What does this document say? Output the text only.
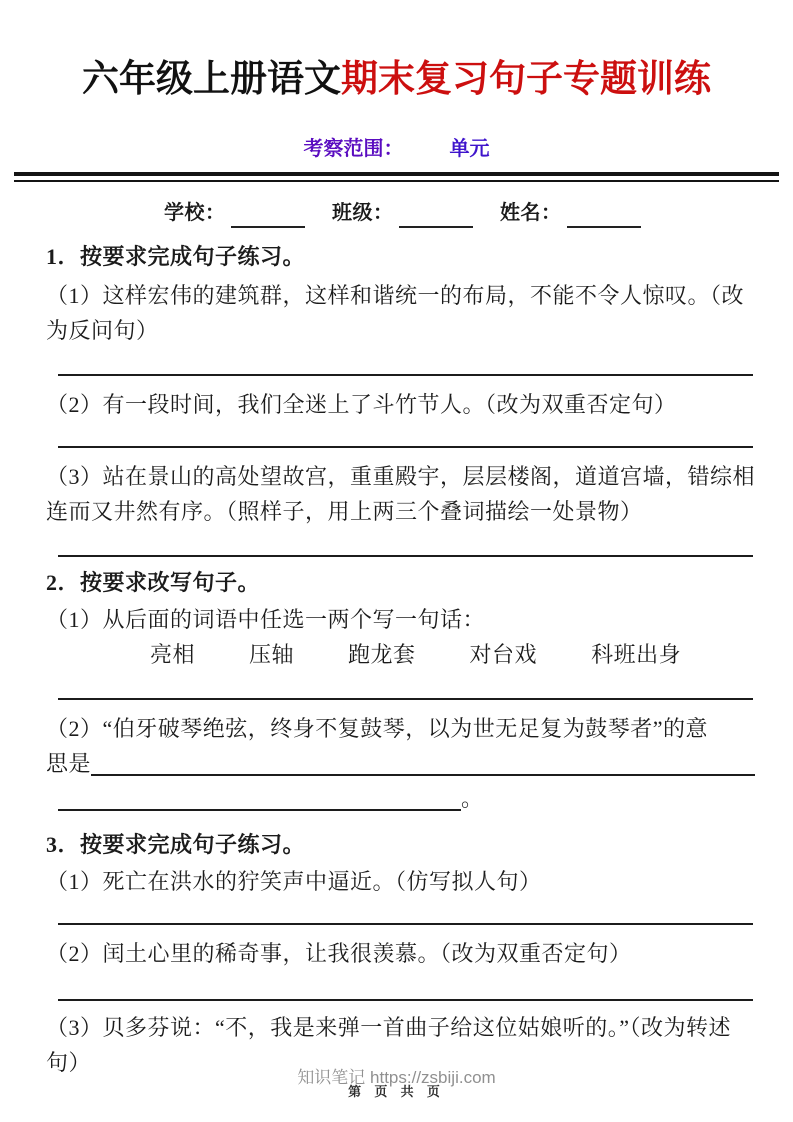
六年级上册语文期末复习句子专题训练
考察范围： 单元
学校：	班级：	姓名：
1．按要求完成句子练习。
（1）这样宏伟的建筑群，这样和谐统一的布局，不能不令人惊叹。（改为反问句）
（2）有一段时间，我们全迷上了斗竹节人。（改为双重否定句）
（3）站在景山的高处望故宫，重重殿宇，层层楼阁，道道宫墙，错综相连而又井然有序。（照样子，用上两三个叠词描绘一处景物）
2．按要求改写句子。
（1）从后面的词语中任选一两个写一句话：
亮相 压轴 跑龙套 对台戏 科班出身
（2）“伯牙破琴绝弦，终身不复鼓琴，以为世无足复为鼓琴者”的意
思是
。
3．按要求完成句子练习。
（1）死亡在洪水的狞笑声中逼近。（仿写拟人句）
（2）闰土心里的稀奇事，让我很羡慕。（改为双重否定句）
（3）贝多芬说：“不，我是来弹一首曲子给这位姑娘听的。”（改为转述句）
知识笔记 https://zsbiji.com
第 页 共 页
